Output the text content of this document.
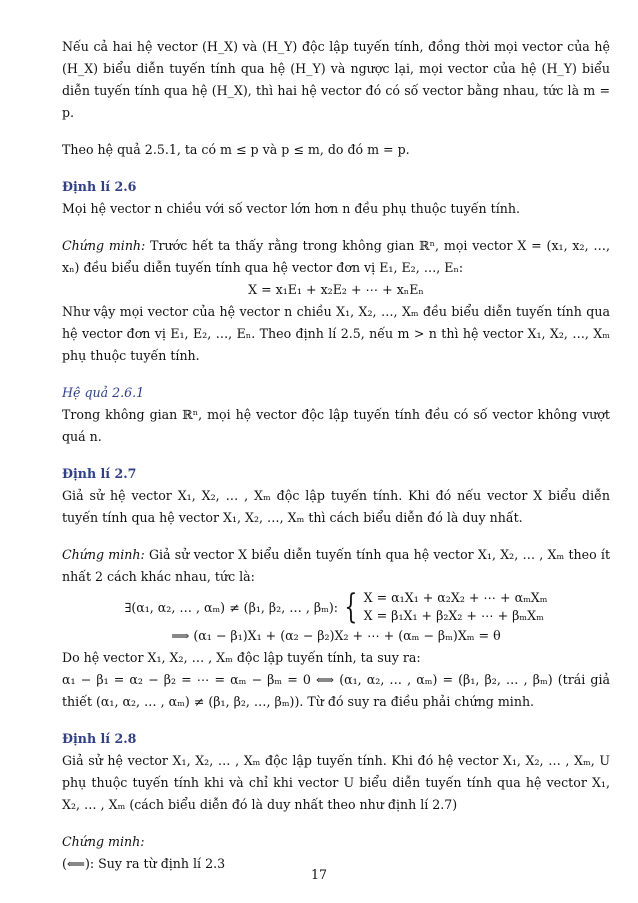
Nếu cả hai hệ vector (H_X) và (H_Y) độc lập tuyến tính, đồng thời mọi vector của hệ (H_X) biểu diễn tuyến tính qua hệ (H_Y) và ngược lại, mọi vector của hệ (H_Y) biểu diễn tuyến tính qua hệ (H_X), thì hai hệ vector đó có số vector bằng nhau, tức là m = p.

Theo hệ quả 2.5.1, ta có m ≤ p và p ≤ m, do đó m = p.

Định lí 2.6

Mọi hệ vector n chiều với số vector lớn hơn n đều phụ thuộc tuyến tính.

Chứng minh: Trước hết ta thấy rằng trong không gian ℝⁿ, mọi vector X = (x₁, x₂, …, xₙ) đều biểu diễn tuyến tính qua hệ vector đơn vị E₁, E₂, …, Eₙ:

X = x₁E₁ + x₂E₂ + ⋯ + xₙEₙ

Như vậy mọi vector của hệ vector n chiều X₁, X₂, …, Xₘ đều biểu diễn tuyến tính qua hệ vector đơn vị E₁, E₂, …, Eₙ. Theo định lí 2.5, nếu m > n thì hệ vector X₁, X₂, …, Xₘ phụ thuộc tuyến tính.

Hệ quả 2.6.1

Trong không gian ℝⁿ, mọi hệ vector độc lập tuyến tính đều có số vector không vượt quá n.

Định lí 2.7

Giả sử hệ vector X₁, X₂, … , Xₘ độc lập tuyến tính. Khi đó nếu vector X biểu diễn tuyến tính qua hệ vector X₁, X₂, …, Xₘ thì cách biểu diễn đó là duy nhất.

Chứng minh: Giả sử vector X biểu diễn tuyến tính qua hệ vector X₁, X₂, … , Xₘ theo ít nhất 2 cách khác nhau, tức là:

∃(α₁, α₂, … , αₘ) ≠ (β₁, β₂, … , βₘ): { X = α₁X₁ + α₂X₂ + ⋯ + αₘXₘ
X = β₁X₁ + β₂X₂ + ⋯ + βₘXₘ

⟹ (α₁ − β₁)X₁ + (α₂ − β₂)X₂ + ⋯ + (αₘ − βₘ)Xₘ = θ

Do hệ vector X₁, X₂, … , Xₘ độc lập tuyến tính, ta suy ra:

α₁ − β₁ = α₂ − β₂ = ⋯ = αₘ − βₘ = 0 ⟺ (α₁, α₂, … , αₘ) = (β₁, β₂, … , βₘ) (trái giả thiết (α₁, α₂, … , αₘ) ≠ (β₁, β₂, …, βₘ)). Từ đó suy ra điều phải chứng minh.

Định lí 2.8

Giả sử hệ vector X₁, X₂, … , Xₘ độc lập tuyến tính. Khi đó hệ vector X₁, X₂, … , Xₘ, U phụ thuộc tuyến tính khi và chỉ khi vector U biểu diễn tuyến tính qua hệ vector X₁, X₂, … , Xₘ (cách biểu diễn đó là duy nhất theo như định lí 2.7)

Chứng minh:

(⟸): Suy ra từ định lí 2.3

17
